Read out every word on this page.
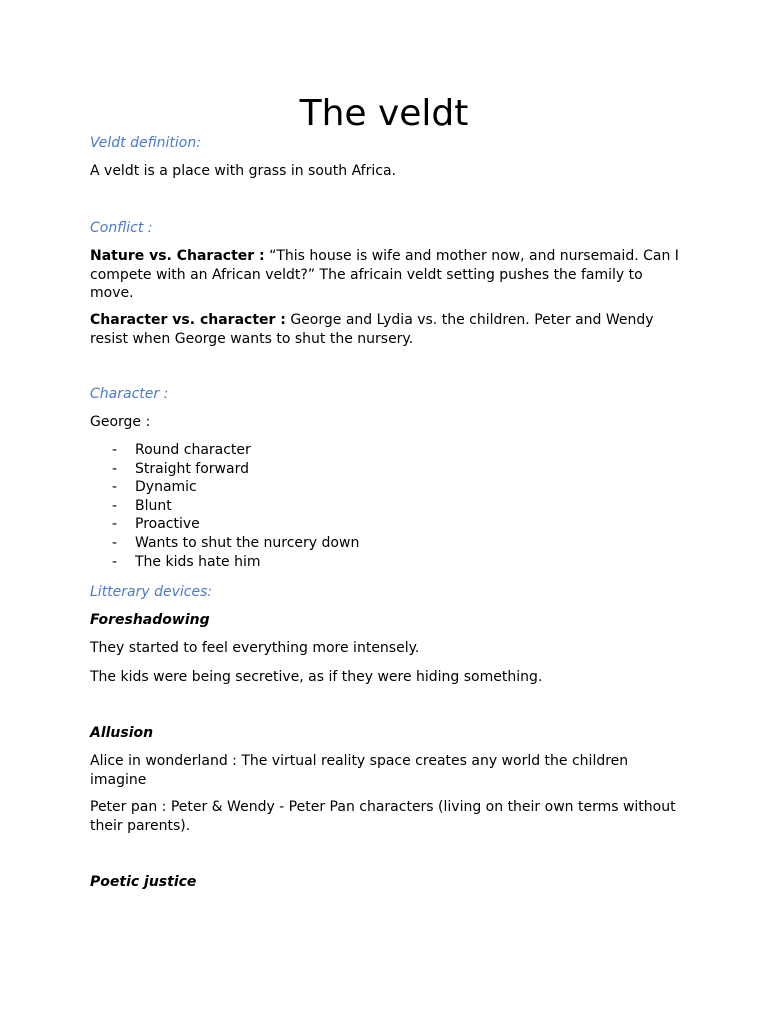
The veldt

Veldt definition:

A veldt is a place with grass in south Africa.

Conflict :

Nature vs. Character : “This house is wife and mother now, and nursemaid. Can I compete with an African veldt?” The africain veldt setting pushes the family to move.

Character vs. character : George and Lydia vs. the children. Peter and Wendy resist when George wants to shut the nursery.

Character :

George :

- Round character
- Straight forward
- Dynamic
- Blunt
- Proactive
- Wants to shut the nurcery down
- The kids hate him

Litterary devices:

Foreshadowing

They started to feel everything more intensely.

The kids were being secretive, as if they were hiding something.

Allusion

Alice in wonderland : The virtual reality space creates any world the children imagine

Peter pan : Peter & Wendy - Peter Pan characters (living on their own terms without their parents).

Poetic justice
